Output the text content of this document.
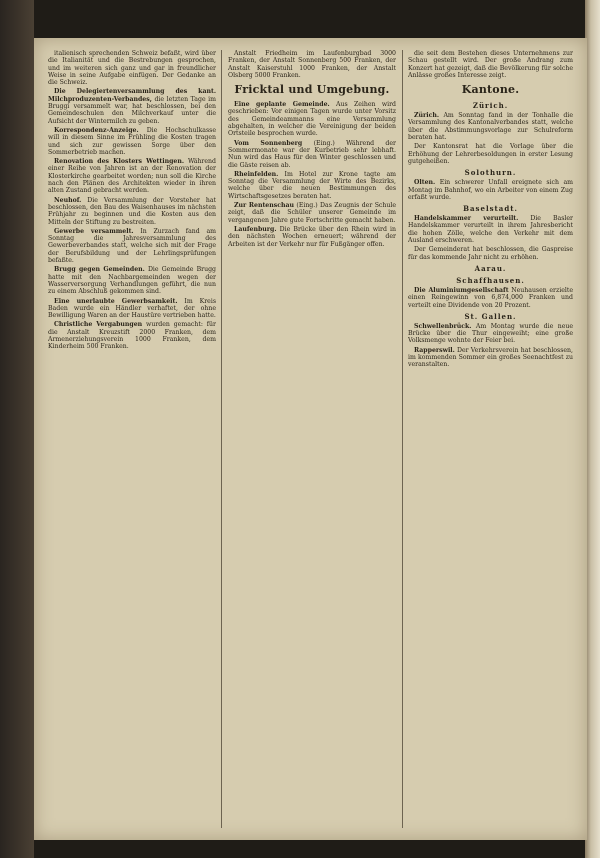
italienisch sprechenden Schweiz befaßt, wird über die Italianität und die Bestrebungen gesprochen, und im weiteren sich ganz und gar in freundlicher Weise in seine Aufgabe einfügen. Der Gedanke an die Schweiz.

Die Delegiertenversammlung des kant. Milchproduzenten-Verbandes, die letzten Tage im Bruggi versammelt war, hat beschlossen, bei den Gemeindeschulen den Milchverkauf unter die Aufsicht der Wintermilch zu geben.

Korrespondenz-Anzeige. Die Hochschulkasse will in diesem Sinne im Frühling die Kosten tragen und sich zur gewissen Sorge über den Sommerbetrieb machen.

Renovation des Klosters Wettingen. Während einer Reihe von Jahren ist an der Renovation der Klosterkirche gearbeitet worden; nun soll die Kirche nach den Plänen des Architekten wieder in ihren alten Zustand gebracht werden.

Neuhof. Die Versammlung der Vorsteher hat beschlossen, den Bau des Waisenhauses im nächsten Frühjahr zu beginnen und die Kosten aus den Mitteln der Stiftung zu bestreiten.

Gewerbe versammelt. In Zurzach fand am Sonntag die Jahresversammlung des Gewerbeverbandes statt, welche sich mit der Frage der Berufsbildung und der Lehrlingsprüfungen befaßte.

Brugg gegen Gemeinden. Die Gemeinde Brugg hatte mit den Nachbargemeinden wegen der Wasserversorgung Verhandlungen geführt, die nun zu einem Abschluß gekommen sind.

Eine unerlaubte Gewerbsamkeit. Im Kreis Baden wurde ein Händler verhaftet, der ohne Bewilligung Waren an der Haustüre vertrieben hatte.

Christliche Vergabungen wurden gemacht: für die Anstalt Kreuzstift 2000 Franken, dem Armenerziehungsverein 1000 Franken, dem Kinderheim 500 Franken.

Anstalt Friedheim im Laufenburgbad 3000 Franken, der Anstalt Sonnenberg 500 Franken, der Anstalt Kaiserstuhl 1000 Franken, der Anstalt Olsberg 5000 Franken.

Fricktal und Umgebung.

Eine geplante Gemeinde. Aus Zeihen wird geschrieben: Vor einigen Tagen wurde unter Vorsitz des Gemeindeammanns eine Versammlung abgehalten, in welcher die Vereinigung der beiden Ortsteile besprochen wurde.

Vom Sonnenberg (Eing.) Während der Sommermonate war der Kurbetrieb sehr lebhaft. Nun wird das Haus für den Winter geschlossen und die Gäste reisen ab.

Rheinfelden. Im Hotel zur Krone tagte am Sonntag die Versammlung der Wirte des Bezirks, welche über die neuen Bestimmungen des Wirtschaftsgesetzes beraten hat.

Zur Rentenschau (Eing.) Das Zeugnis der Schule zeigt, daß die Schüler unserer Gemeinde im vergangenen Jahre gute Fortschritte gemacht haben.

Laufenburg. Die Brücke über den Rhein wird in den nächsten Wochen erneuert; während der Arbeiten ist der Verkehr nur für Fußgänger offen.

die seit dem Bestehen dieses Unternehmens zur Schau gestellt wird. Der große Andrang zum Konzert hat gezeigt, daß die Bevölkerung für solche Anlässe großes Interesse zeigt.

Kantone.
Zürich.

Zürich. Am Sonntag fand in der Tonhalle die Versammlung des Kantonalverbandes statt, welche über die Abstimmungsvorlage zur Schulreform beraten hat.

Der Kantonsrat hat die Vorlage über die Erhöhung der Lehrerbesoldungen in erster Lesung gutgeheißen.

Solothurn.

Olten. Ein schwerer Unfall ereignete sich am Montag im Bahnhof, wo ein Arbeiter von einem Zug erfaßt wurde.

Baselstadt.

Handelskammer verurteilt. Die Basler Handelskammer verurteilt in ihrem Jahresbericht die hohen Zölle, welche den Verkehr mit dem Ausland erschweren.

Der Gemeinderat hat beschlossen, die Gaspreise für das kommende Jahr nicht zu erhöhen.

Aarau.
Schaffhausen.

Die Aluminiumgesellschaft Neuhausen erzielte einen Reingewinn von 6,874,000 Franken und verteilt eine Dividende von 20 Prozent.

St. Gallen.

Schwellenbrück. Am Montag wurde die neue Brücke über die Thur eingeweiht; eine große Volksmenge wohnte der Feier bei.

Rapperswil. Der Verkehrsverein hat beschlossen, im kommenden Sommer ein großes Seenachtfest zu veranstalten.
